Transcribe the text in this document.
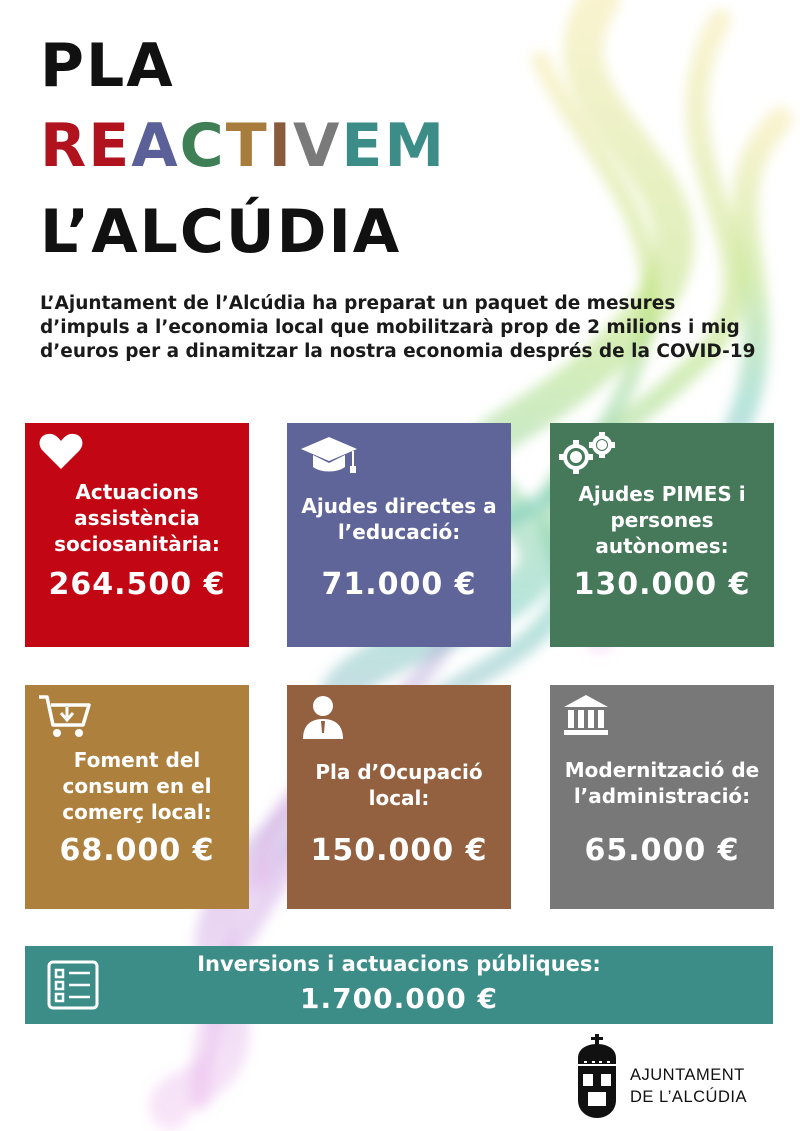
PLA
REACTIVEM
L’ALCÚDIA

L’Ajuntament de l’Alcúdia ha preparat un paquet de mesures d’impuls a l’economia local que mobilitzarà prop de 2 milions i mig d’euros per a dinamitzar la nostra economia després de la COVID-19

Actuacions assistència sociosanitària:
264.500 €
Ajudes directes a l’educació:
71.000 €
Ajudes PIMES i persones autònomes:
130.000 €
Foment del consum en el comerç local:
68.000 €
Pla d’Ocupació local:
150.000 €
Modernització de l’administració:
65.000 €
Inversions i actuacions públiques:
1.700.000 €
AJUNTAMENT
DE L’ALCÚDIA
